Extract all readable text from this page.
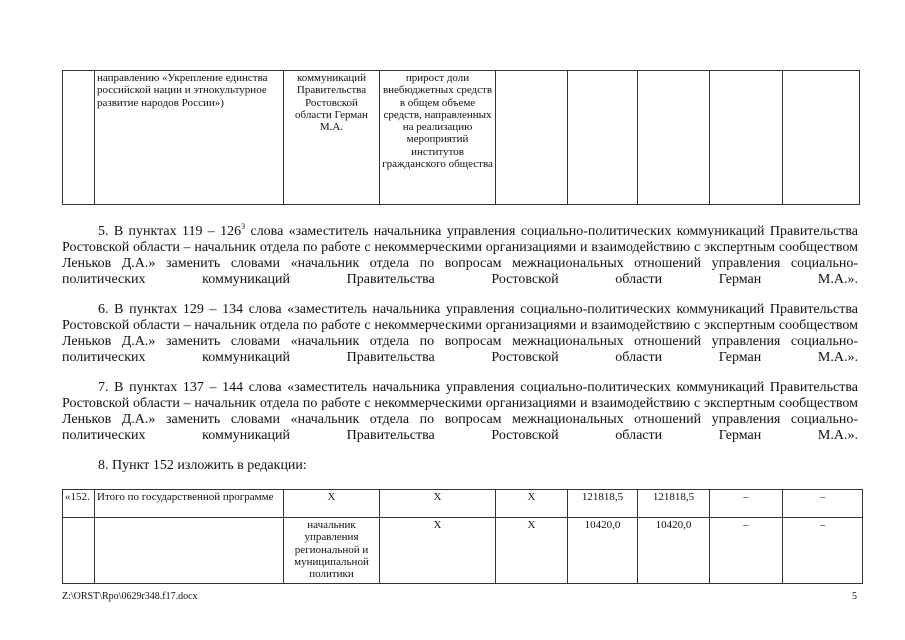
	направлению «Укрепление единства российской нации и этнокультурное развитие народов России»)	коммуникаций Правительства Ростовской области Герман М.А.	прирост доли внебюджетных средств в общем объеме средств, направленных на реализацию мероприятий институтов гражданского общества					
5. В пунктах $119 - 126^3$ слова «заместитель начальника управления социально-политических коммуникаций Правительства Ростовской области – начальник отдела по работе с некоммерческими организациями и взаимодействию с экспертным сообществом Леньков Д.А.» заменить словами «начальник отдела по вопросам межнациональных отношений управления социально-политических коммуникаций Правительства Ростовской области Герман М.А.».
6. В пунктах 129 – 134 слова «заместитель начальника управления социально-политических коммуникаций Правительства Ростовской области – начальник отдела по работе с некоммерческими организациями и взаимодействию с экспертным сообществом Леньков Д.А.» заменить словами «начальник отдела по вопросам межнациональных отношений управления социально-политических коммуникаций Правительства Ростовской области Герман М.А.».
7. В пунктах 137 – 144 слова «заместитель начальника управления социально-политических коммуникаций Правительства Ростовской области – начальник отдела по работе с некоммерческими организациями и взаимодействию с экспертным сообществом Леньков Д.А.» заменить словами «начальник отдела по вопросам межнациональных отношений управления социально-политических коммуникаций Правительства Ростовской области Герман М.А.».
8. Пункт 152 изложить в редакции:
«152.	Итого по государственной программе	Х	Х	Х	121818,5	121818,5	–	–
		начальник управления региональной и муниципальной политики	Х	Х	10420,0	10420,0	–	–
Z:\ORST\Rpo\0629r348.f17.docx	5
